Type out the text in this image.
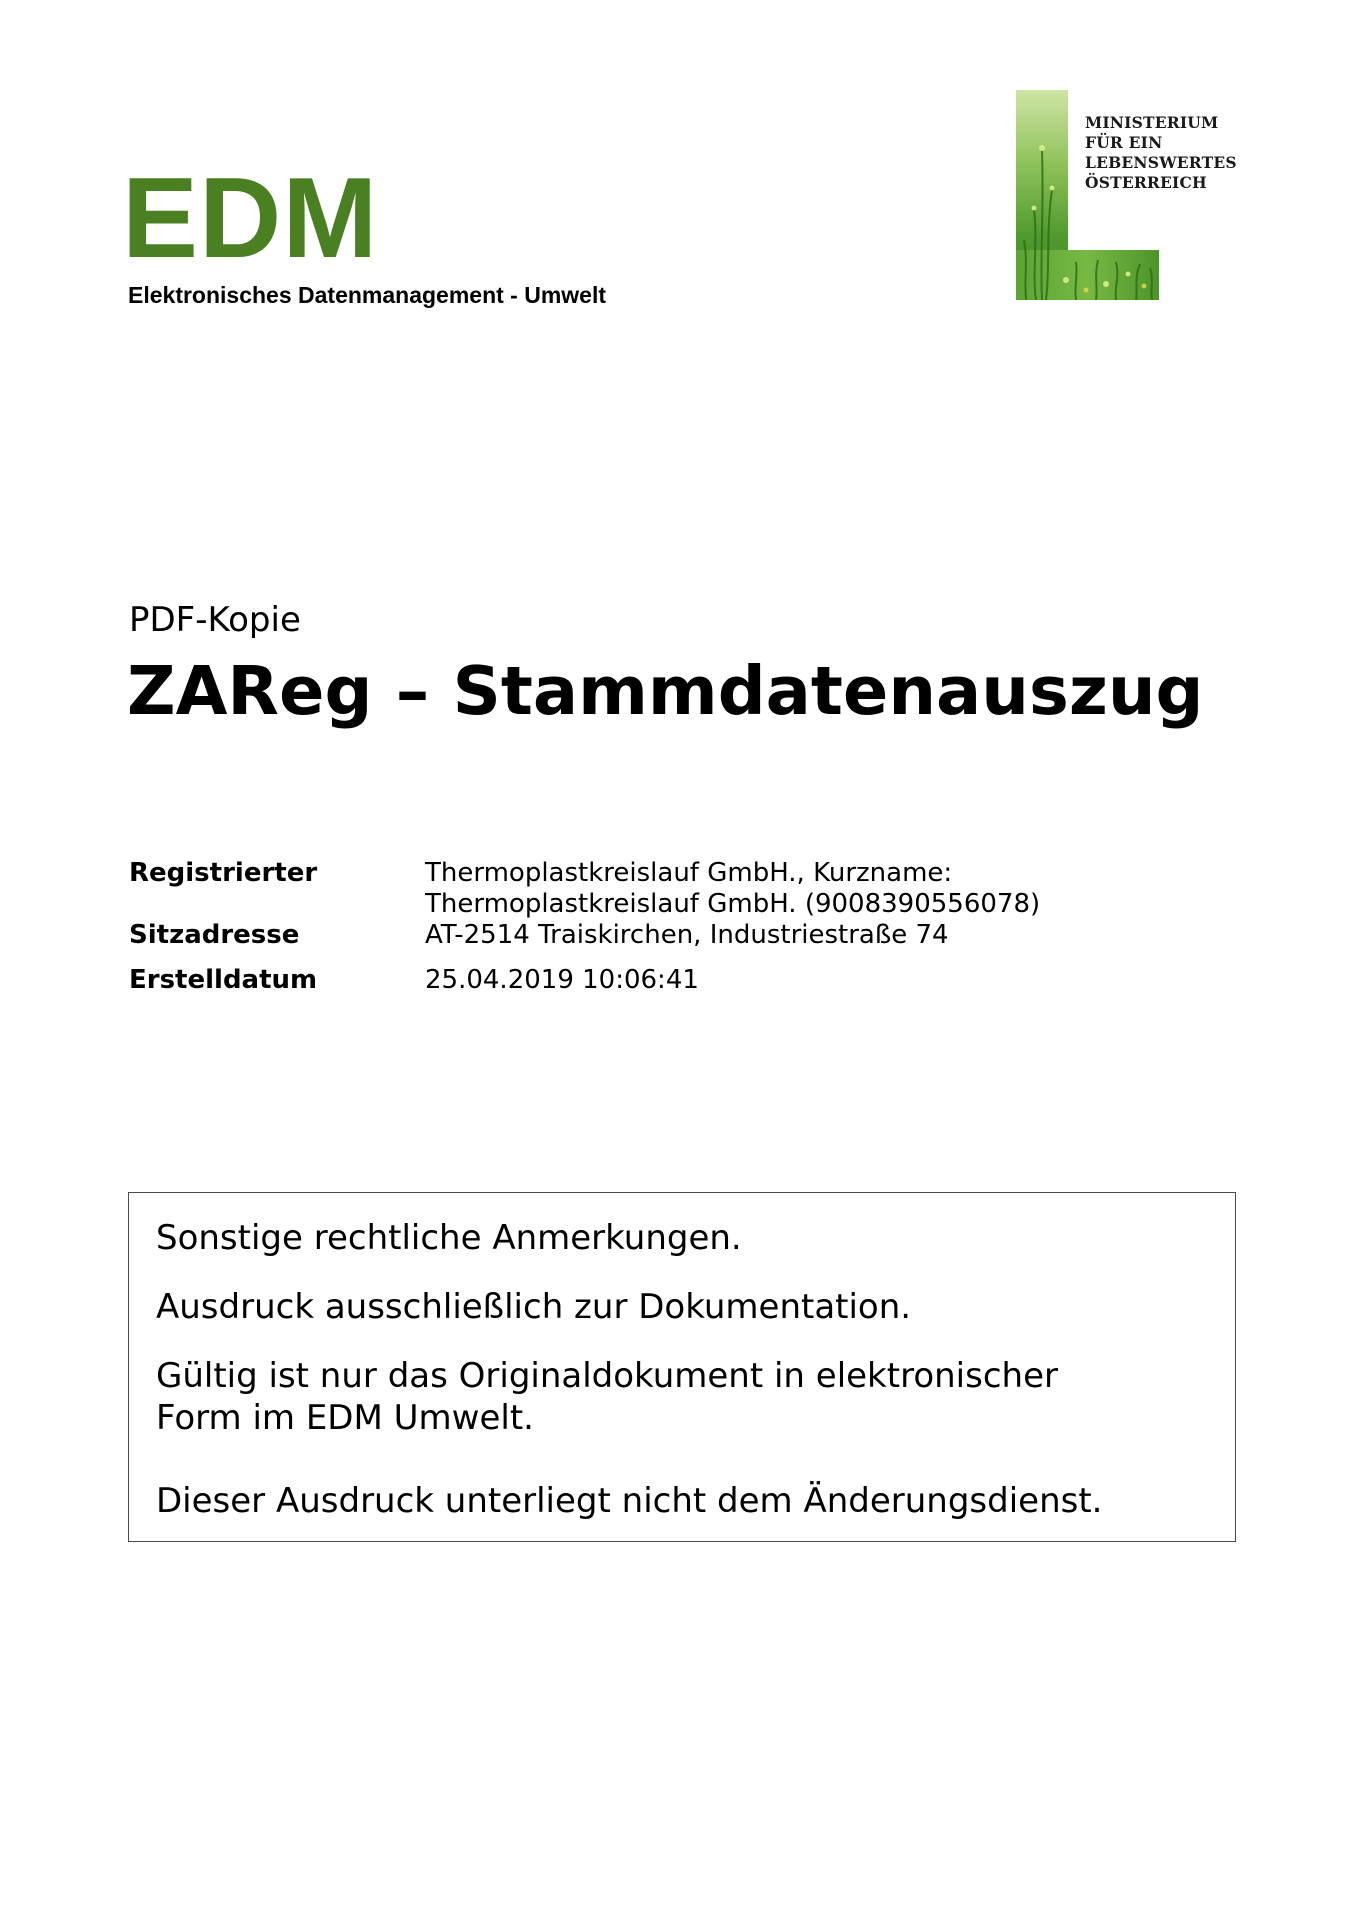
EDM
Elektronisches Datenmanagement - Umwelt
MINISTERIUM
FÜR EIN
LEBENSWERTES
ÖSTERREICH
PDF-Kopie
ZAReg – Stammdatenauszug
Registrierter	Thermoplastkreislauf GmbH., Kurzname:
Thermoplastkreislauf GmbH. (9008390556078)
Sitzadresse	AT-2514 Traiskirchen, Industriestraße 74
Erstelldatum	25.04.2019 10:06:41

Sonstige rechtliche Anmerkungen.

Ausdruck ausschließlich zur Dokumentation.

Gültig ist nur das Originaldokument in elektronischer

Form im EDM Umwelt.

Dieser Ausdruck unterliegt nicht dem Änderungsdienst.
